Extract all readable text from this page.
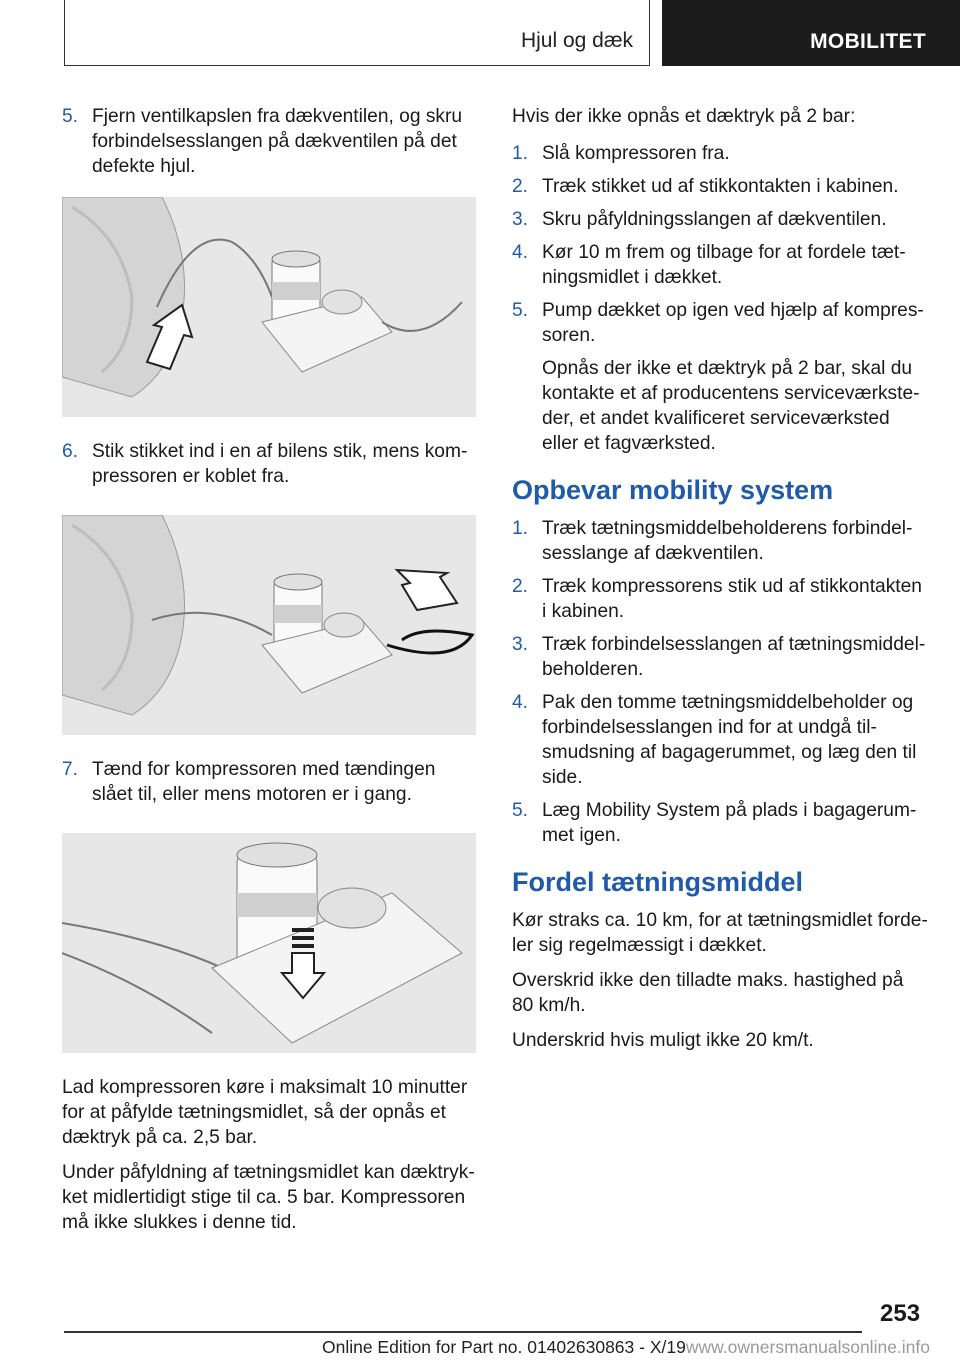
Hjul og dæk	MOBILITET
5. Fjern ventilkapslen fra dækventilen, og skru forbindelsesslangen på dækventilen på det defekte hjul.
6. Stik stikket ind i en af bilens stik, mens kompressoren er koblet fra.
7. Tænd for kompressoren med tændingen slået til, eller mens motoren er i gang.
Lad kompressoren køre i maksimalt 10 minutter for at påfylde tætningsmidlet, så der opnås et dæktryk på ca. 2,5 bar.
Under påfyldning af tætningsmidlet kan dæktrykket midlertidigt stige til ca. 5 bar. Kompressoren må ikke slukkes i denne tid.
Hvis der ikke opnås et dæktryk på 2 bar:
1. Slå kompressoren fra.
2. Træk stikket ud af stikkontakten i kabinen.
3. Skru påfyldningsslangen af dækventilen.
4. Kør 10 m frem og tilbage for at fordele tætningsmidlet i dækket.
5. Pump dækket op igen ved hjælp af kompressoren.
Opnås der ikke et dæktryk på 2 bar, skal du kontakte et af producentens serviceværksteder, et andet kvalificeret serviceværksted eller et fagværksted.
Opbevar mobility system
1. Træk tætningsmiddelbeholderens forbindelsesslange af dækventilen.
2. Træk kompressorens stik ud af stikkontakten i kabinen.
3. Træk forbindelsesslangen af tætningsmiddelbeholderen.
4. Pak den tomme tætningsmiddelbeholder og forbindelsesslangen ind for at undgå tilsmudsning af bagagerummet, og læg den til side.
5. Læg Mobility System på plads i bagagerummet igen.
Fordel tætningsmiddel
Kør straks ca. 10 km, for at tætningsmidlet fordeler sig regelmæssigt i dækket.
Overskrid ikke den tilladte maks. hastighed på 80 km/h.
Underskrid hvis muligt ikke 20 km/t.
253
Online Edition for Part no. 01402630863 - X/19www.ownersmanualsonline.info
